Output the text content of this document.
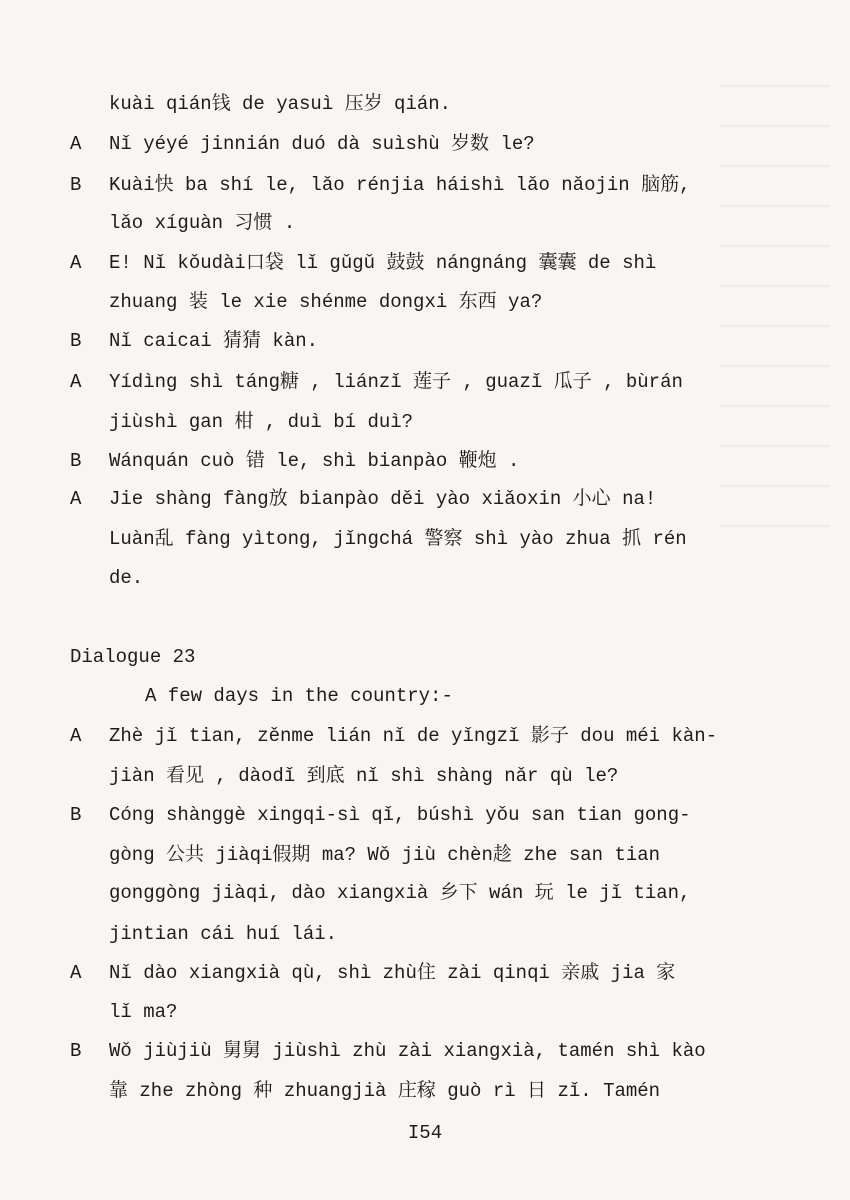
kuài qián钱 de yasuì 压岁 qián.
A Nǐ yéyé jinnián duó dà suìshù 岁数 le?
B Kuài快 ba shí le, lǎo rénjia háishì lǎo nǎojin 脑筋,
lǎo xíguàn 习惯 .
A E! Nǐ kǒudài口袋 lǐ gǔgǔ 鼓鼓 nángnáng 囊囊 de shì
zhuang 装 le xie shénme dongxi 东西 ya?
B Nǐ caicai 猜猜 kàn.
A Yídìng shì táng糖 , liánzǐ 莲子 , guazǐ 瓜子 , bùrán
jiùshì gan 柑 , duì bí duì?
B Wánquán cuò 错 le, shì bianpào 鞭炮 .
A Jie shàng fàng放 bianpào děi yào xiǎoxin 小心 na!
Luàn乱 fàng yìtong, jǐngchá 警察 shì yào zhua 抓 rén
de.
Dialogue 23
A few days in the country:-
A Zhè jǐ tian, zěnme lián nǐ de yǐngzǐ 影子 dou méi kàn-
jiàn 看见 , dàodǐ 到底 nǐ shì shàng nǎr qù le?
B Cóng shànggè xingqi-sì qǐ, búshì yǒu san tian gong-
gòng 公共 jiàqi假期 ma? Wǒ jiù chèn趁 zhe san tian
gonggòng jiàqi, dào xiangxià 乡下 wán 玩 le jǐ tian,
jintian cái huí lái.
A Nǐ dào xiangxià qù, shì zhù住 zài qinqi 亲戚 jia 家
lǐ ma?
B Wǒ jiùjiù 舅舅 jiùshì zhù zài xiangxià, tamén shì kào
靠 zhe zhòng 种 zhuangjià 庄稼 guò rì 日 zǐ. Tamén
I54
